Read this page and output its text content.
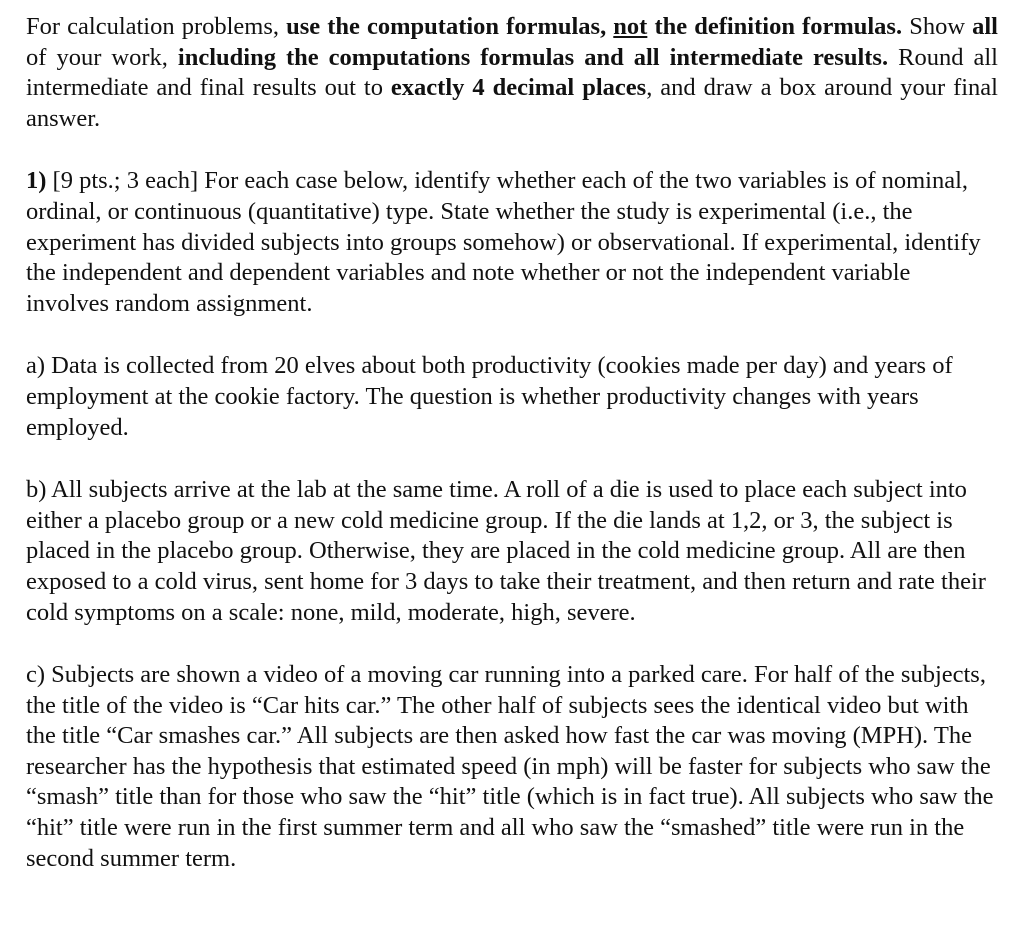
For calculation problems, use the computation formulas, not the definition formulas. Show all of your work, including the computations formulas and all intermediate results. Round all intermediate and final results out to exactly 4 decimal places, and draw a box around your final answer.

1) [9 pts.; 3 each] For each case below, identify whether each of the two variables is of nominal, ordinal, or continuous (quantitative) type. State whether the study is experimental (i.e., the experiment has divided subjects into groups somehow) or observational. If experimental, identify the independent and dependent variables and note whether or not the independent variable involves random assignment.

a) Data is collected from 20 elves about both productivity (cookies made per day) and years of employment at the cookie factory. The question is whether productivity changes with years employed.

b) All subjects arrive at the lab at the same time. A roll of a die is used to place each subject into either a placebo group or a new cold medicine group. If the die lands at 1,2, or 3, the subject is placed in the placebo group. Otherwise, they are placed in the cold medicine group. All are then exposed to a cold virus, sent home for 3 days to take their treatment, and then return and rate their cold symptoms on a scale: none, mild, moderate, high, severe.

c) Subjects are shown a video of a moving car running into a parked care. For half of the subjects, the title of the video is “Car hits car.” The other half of subjects sees the identical video but with the title “Car smashes car.” All subjects are then asked how fast the car was moving (MPH). The researcher has the hypothesis that estimated speed (in mph) will be faster for subjects who saw the “smash” title than for those who saw the “hit” title (which is in fact true). All subjects who saw the “hit” title were run in the first summer term and all who saw the “smashed” title were run in the second summer term.
